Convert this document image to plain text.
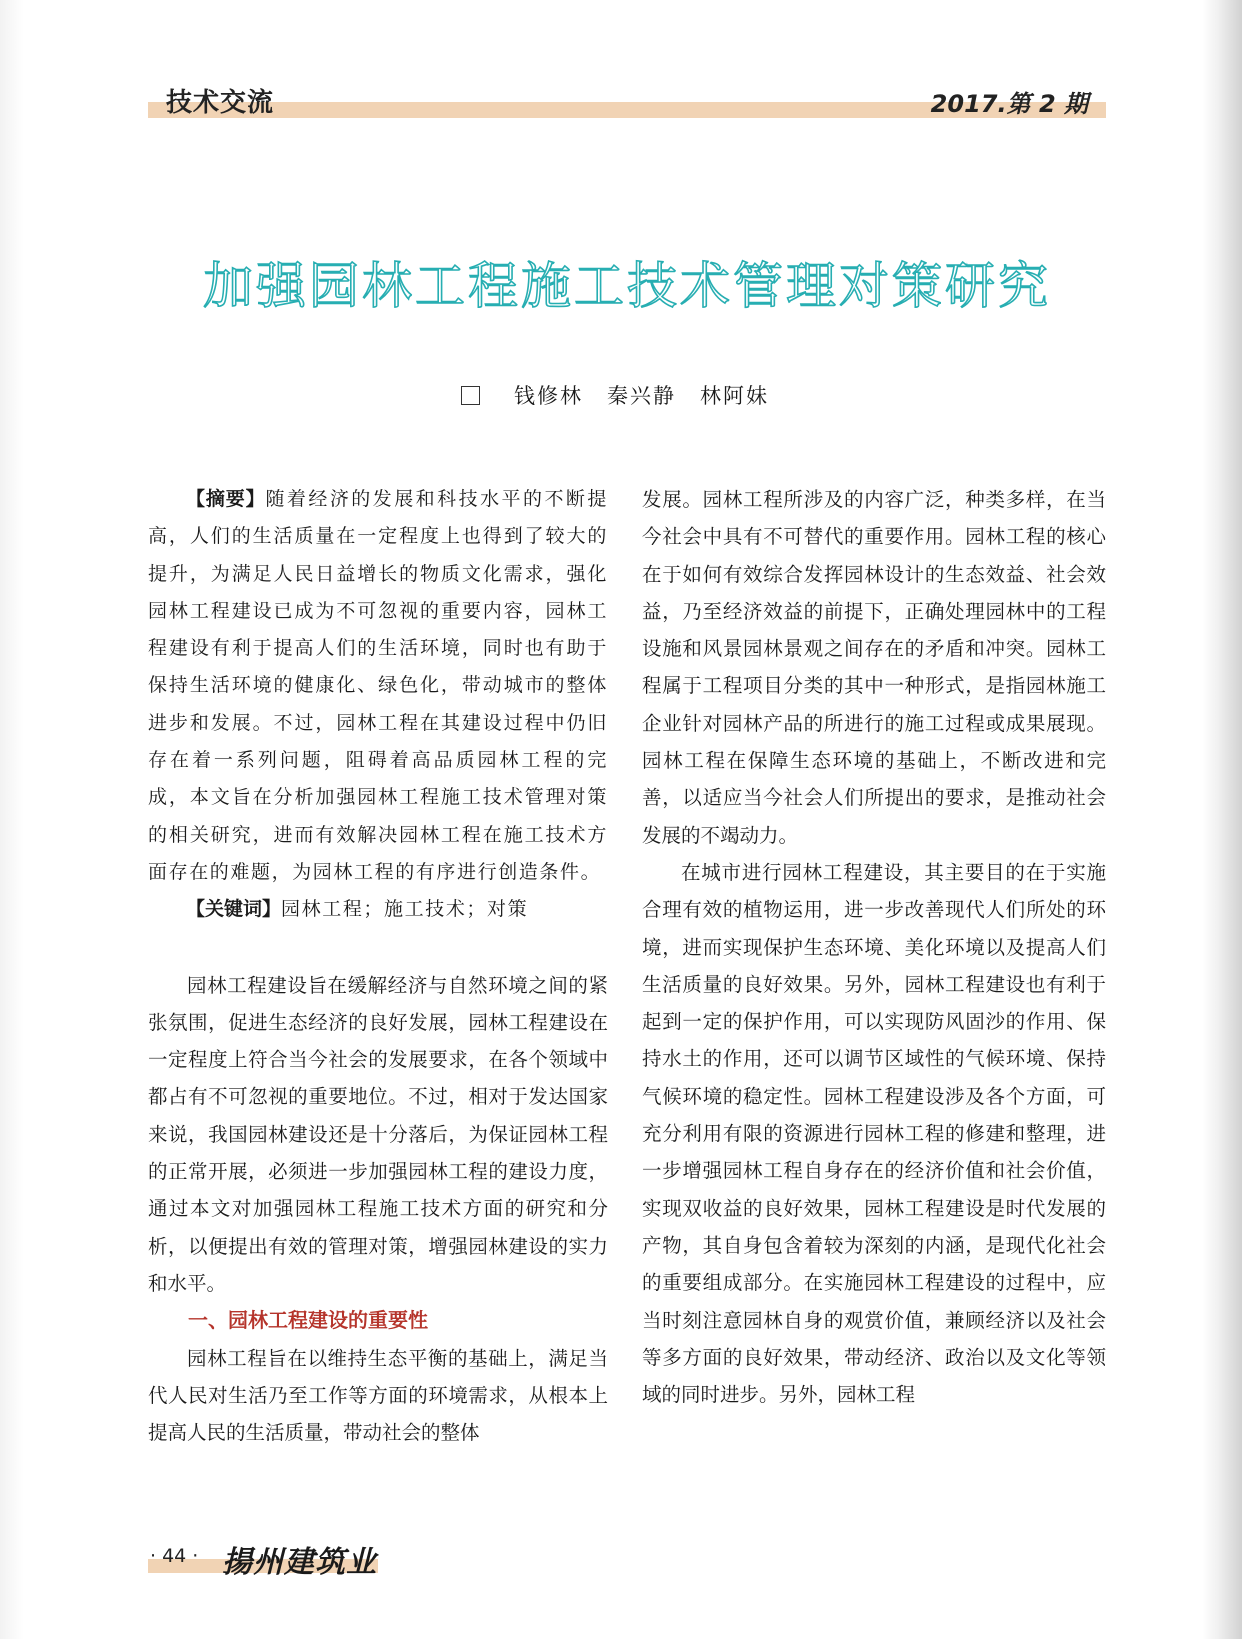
技术交流	2017.第 2 期
加强园林工程施工技术管理对策研究
钱修林 秦兴静 林阿妹

【摘要】随着经济的发展和科技水平的不断提高，人们的生活质量在一定程度上也得到了较大的提升，为满足人民日益增长的物质文化需求，强化园林工程建设已成为不可忽视的重要内容，园林工程建设有利于提高人们的生活环境，同时也有助于保持生活环境的健康化、绿色化，带动城市的整体进步和发展。不过，园林工程在其建设过程中仍旧存在着一系列问题，阻碍着高品质园林工程的完成，本文旨在分析加强园林工程施工技术管理对策的相关研究，进而有效解决园林工程在施工技术方面存在的难题，为园林工程的有序进行创造条件。

【关键词】园林工程；施工技术；对策

园林工程建设旨在缓解经济与自然环境之间的紧张氛围，促进生态经济的良好发展，园林工程建设在一定程度上符合当今社会的发展要求，在各个领域中都占有不可忽视的重要地位。不过，相对于发达国家来说，我国园林建设还是十分落后，为保证园林工程的正常开展，必须进一步加强园林工程的建设力度，通过本文对加强园林工程施工技术方面的研究和分析，以便提出有效的管理对策，增强园林建设的实力和水平。

一、园林工程建设的重要性

园林工程旨在以维持生态平衡的基础上，满足当代人民对生活乃至工作等方面的环境需求，从根本上提高人民的生活质量，带动社会的整体

发展。园林工程所涉及的内容广泛，种类多样，在当今社会中具有不可替代的重要作用。园林工程的核心在于如何有效综合发挥园林设计的生态效益、社会效益，乃至经济效益的前提下，正确处理园林中的工程设施和风景园林景观之间存在的矛盾和冲突。园林工程属于工程项目分类的其中一种形式，是指园林施工企业针对园林产品的所进行的施工过程或成果展现。园林工程在保障生态环境的基础上，不断改进和完善，以适应当今社会人们所提出的要求，是推动社会发展的不竭动力。

在城市进行园林工程建设，其主要目的在于实施合理有效的植物运用，进一步改善现代人们所处的环境，进而实现保护生态环境、美化环境以及提高人们生活质量的良好效果。另外，园林工程建设也有利于起到一定的保护作用，可以实现防风固沙的作用、保持水土的作用，还可以调节区域性的气候环境、保持气候环境的稳定性。园林工程建设涉及各个方面，可充分利用有限的资源进行园林工程的修建和整理，进一步增强园林工程自身存在的经济价值和社会价值，实现双收益的良好效果，园林工程建设是时代发展的产物，其自身包含着较为深刻的内涵，是现代化社会的重要组成部分。在实施园林工程建设的过程中，应当时刻注意园林自身的观赏价值，兼顾经济以及社会等多方面的良好效果，带动经济、政治以及文化等领域的同时进步。另外，园林工程

· 44 · 揚州建筑业
